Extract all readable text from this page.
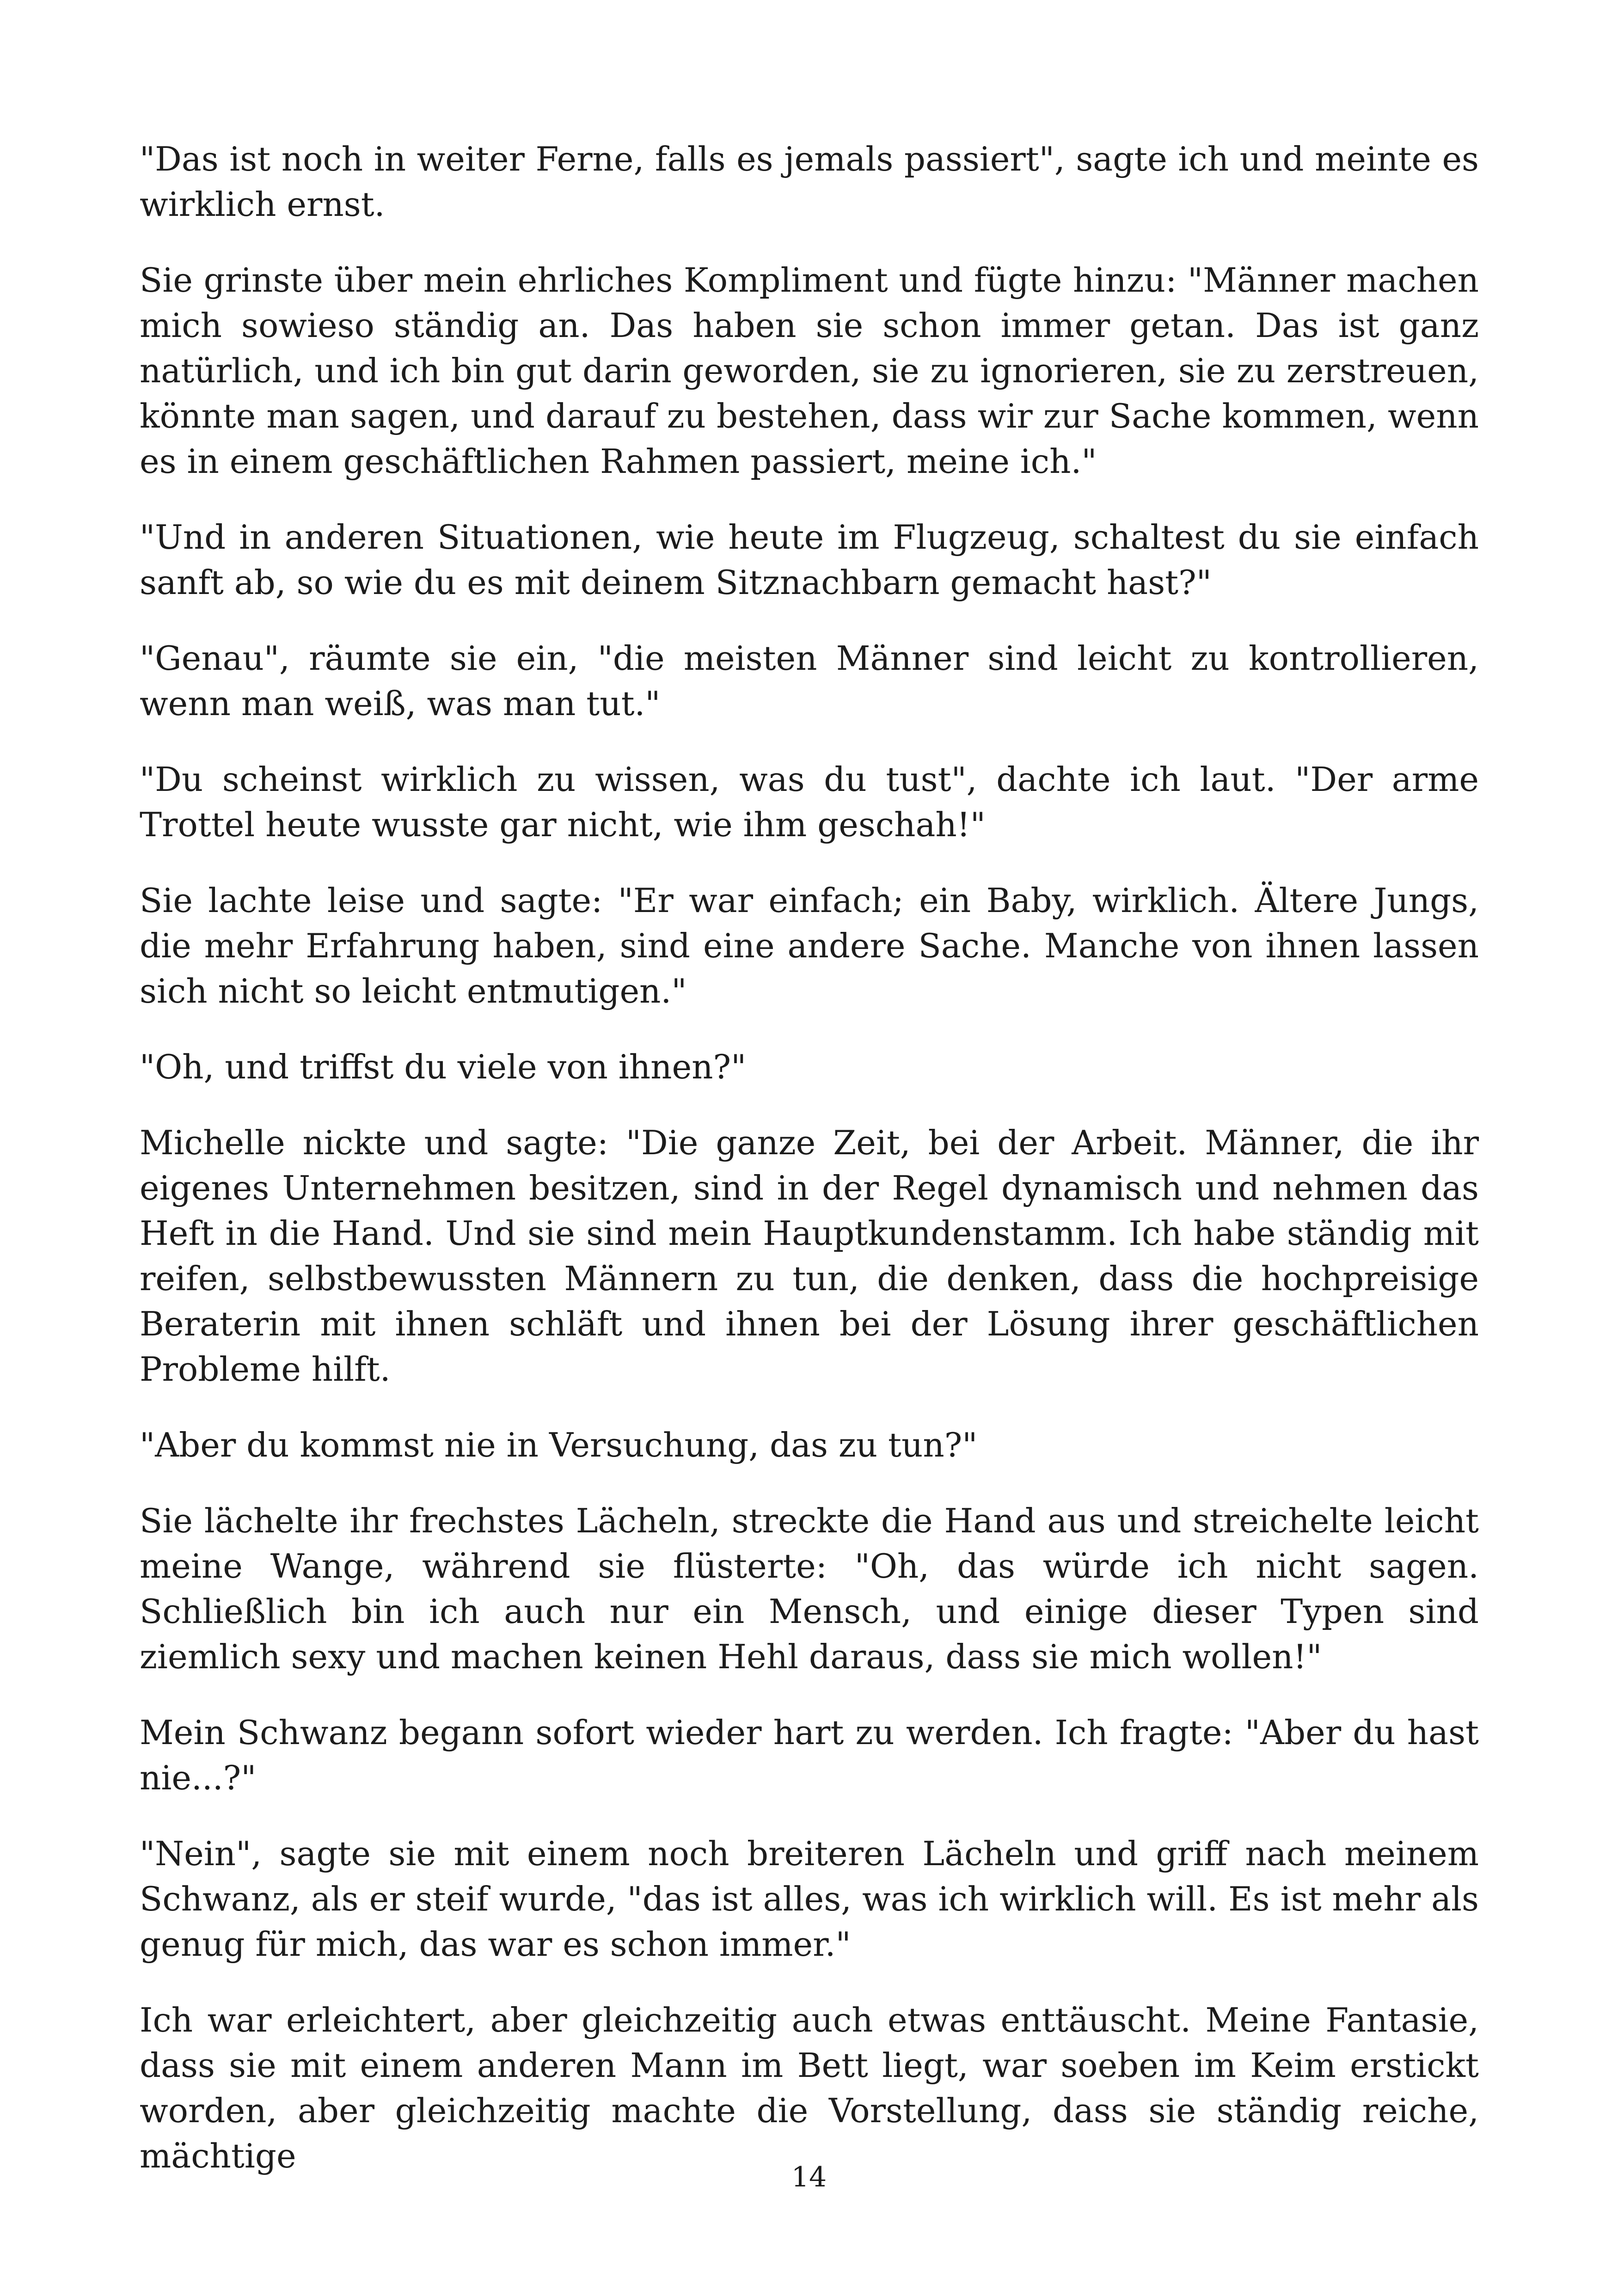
"Das ist noch in weiter Ferne, falls es jemals passiert", sagte ich und meinte es wirklich ernst.

Sie grinste über mein ehrliches Kompliment und fügte hinzu: "Männer machen mich sowieso ständig an. Das haben sie schon immer getan. Das ist ganz natürlich, und ich bin gut darin geworden, sie zu ignorieren, sie zu zerstreuen, könnte man sagen, und darauf zu bestehen, dass wir zur Sache kommen, wenn es in einem geschäftlichen Rahmen passiert, meine ich."

"Und in anderen Situationen, wie heute im Flugzeug, schaltest du sie einfach sanft ab, so wie du es mit deinem Sitznachbarn gemacht hast?"

"Genau", räumte sie ein, "die meisten Männer sind leicht zu kontrollieren, wenn man weiß, was man tut."

"Du scheinst wirklich zu wissen, was du tust", dachte ich laut. "Der arme Trottel heute wusste gar nicht, wie ihm geschah!"

Sie lachte leise und sagte: "Er war einfach; ein Baby, wirklich. Ältere Jungs, die mehr Erfahrung haben, sind eine andere Sache. Manche von ihnen lassen sich nicht so leicht entmutigen."

"Oh, und triffst du viele von ihnen?"

Michelle nickte und sagte: "Die ganze Zeit, bei der Arbeit. Männer, die ihr eigenes Unternehmen besitzen, sind in der Regel dynamisch und nehmen das Heft in die Hand. Und sie sind mein Hauptkundenstamm. Ich habe ständig mit reifen, selbstbewussten Männern zu tun, die denken, dass die hochpreisige Beraterin mit ihnen schläft und ihnen bei der Lösung ihrer geschäftlichen Probleme hilft.

"Aber du kommst nie in Versuchung, das zu tun?"

Sie lächelte ihr frechstes Lächeln, streckte die Hand aus und streichelte leicht meine Wange, während sie flüsterte: "Oh, das würde ich nicht sagen. Schließlich bin ich auch nur ein Mensch, und einige dieser Typen sind ziemlich sexy und machen keinen Hehl daraus, dass sie mich wollen!"

Mein Schwanz begann sofort wieder hart zu werden. Ich fragte: "Aber du hast nie...?"

"Nein", sagte sie mit einem noch breiteren Lächeln und griff nach meinem Schwanz, als er steif wurde, "das ist alles, was ich wirklich will. Es ist mehr als genug für mich, das war es schon immer."

Ich war erleichtert, aber gleichzeitig auch etwas enttäuscht. Meine Fantasie, dass sie mit einem anderen Mann im Bett liegt, war soeben im Keim erstickt worden, aber gleichzeitig machte die Vorstellung, dass sie ständig reiche, mächtige

14
